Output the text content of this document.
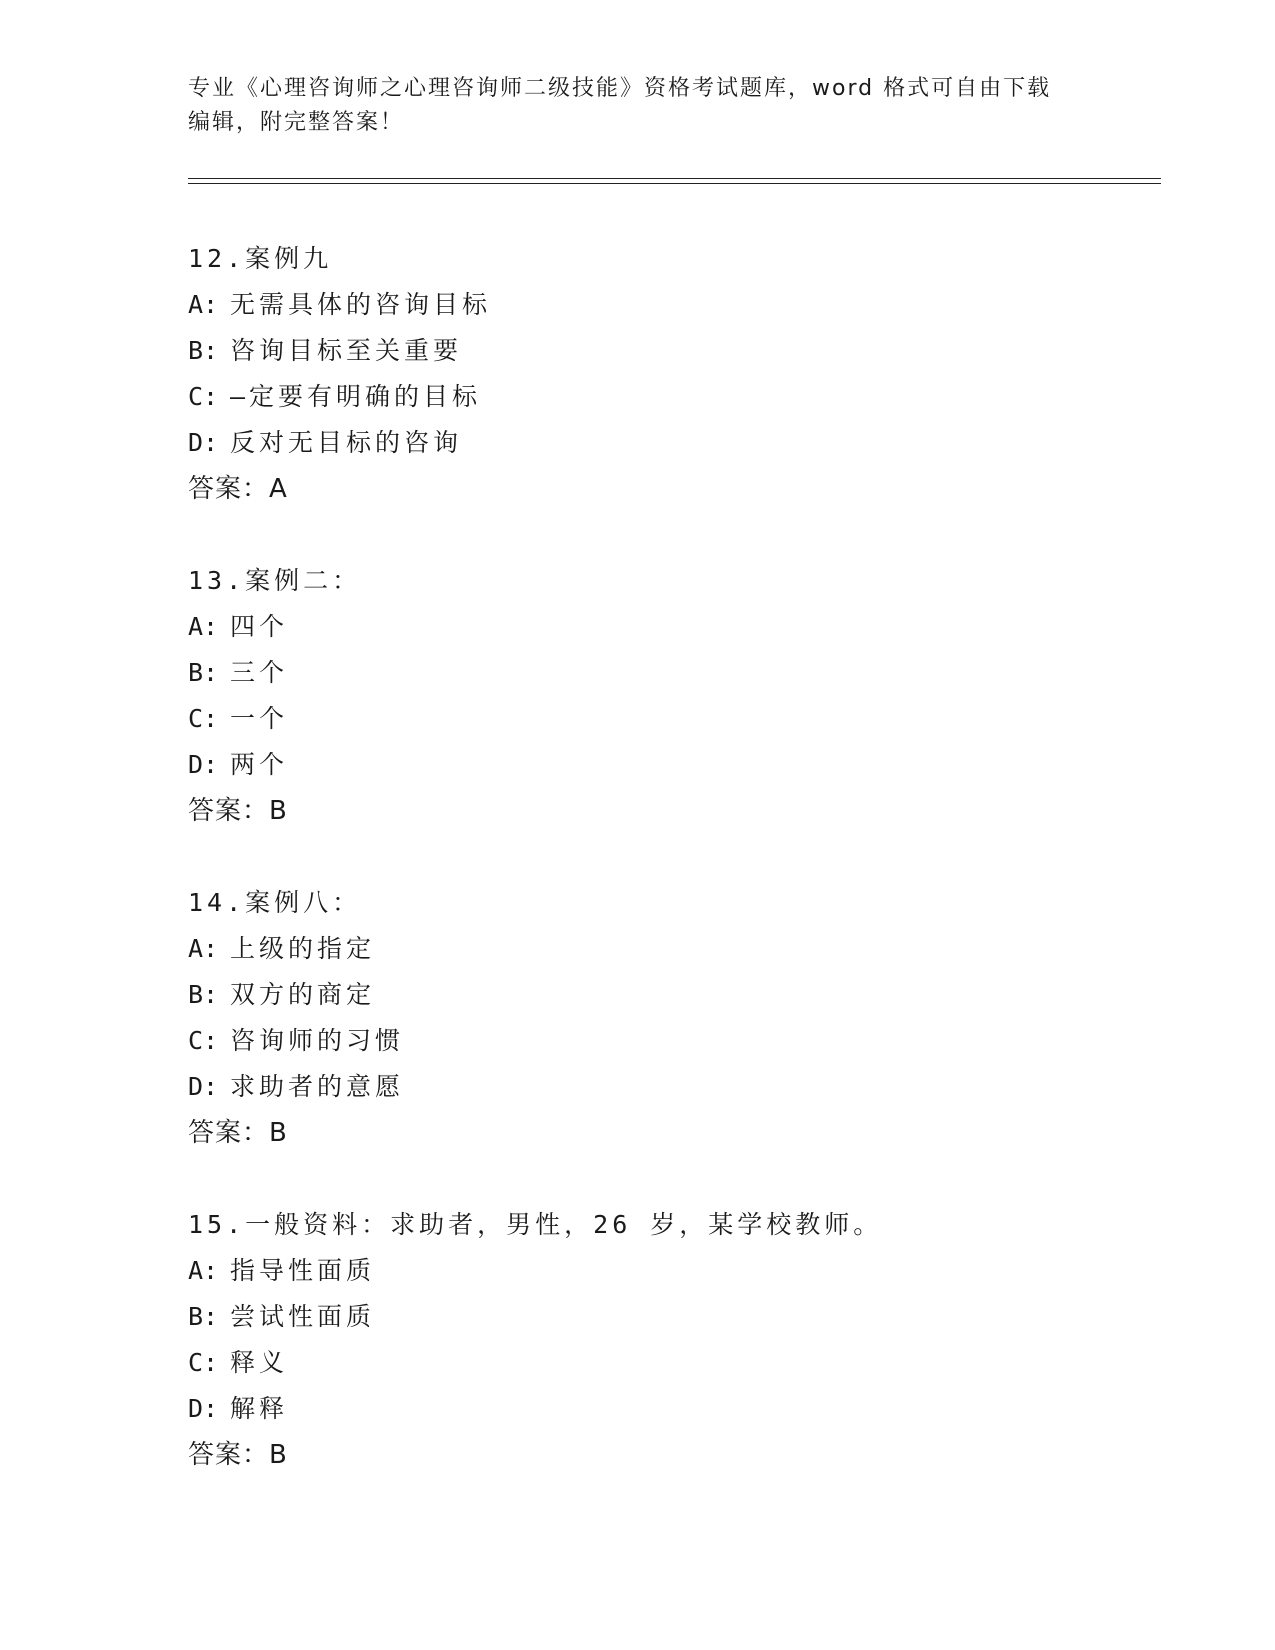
专业《心理咨询师之心理咨询师二级技能》资格考试题库，word 格式可自由下载
编辑，附完整答案！
12.案例九
A: 无需具体的咨询目标
B: 咨询目标至关重要
C: —定要有明确的目标
D: 反对无目标的咨询
答案：A
13.案例二：
A: 四个
B: 三个
C: 一个
D: 两个
答案：B
14.案例八：
A: 上级的指定
B: 双方的商定
C: 咨询师的习惯
D: 求助者的意愿
答案：B
15.一般资料：求助者，男性，26 岁，某学校教师。
A: 指导性面质
B: 尝试性面质
C: 释义
D: 解释
答案：B
